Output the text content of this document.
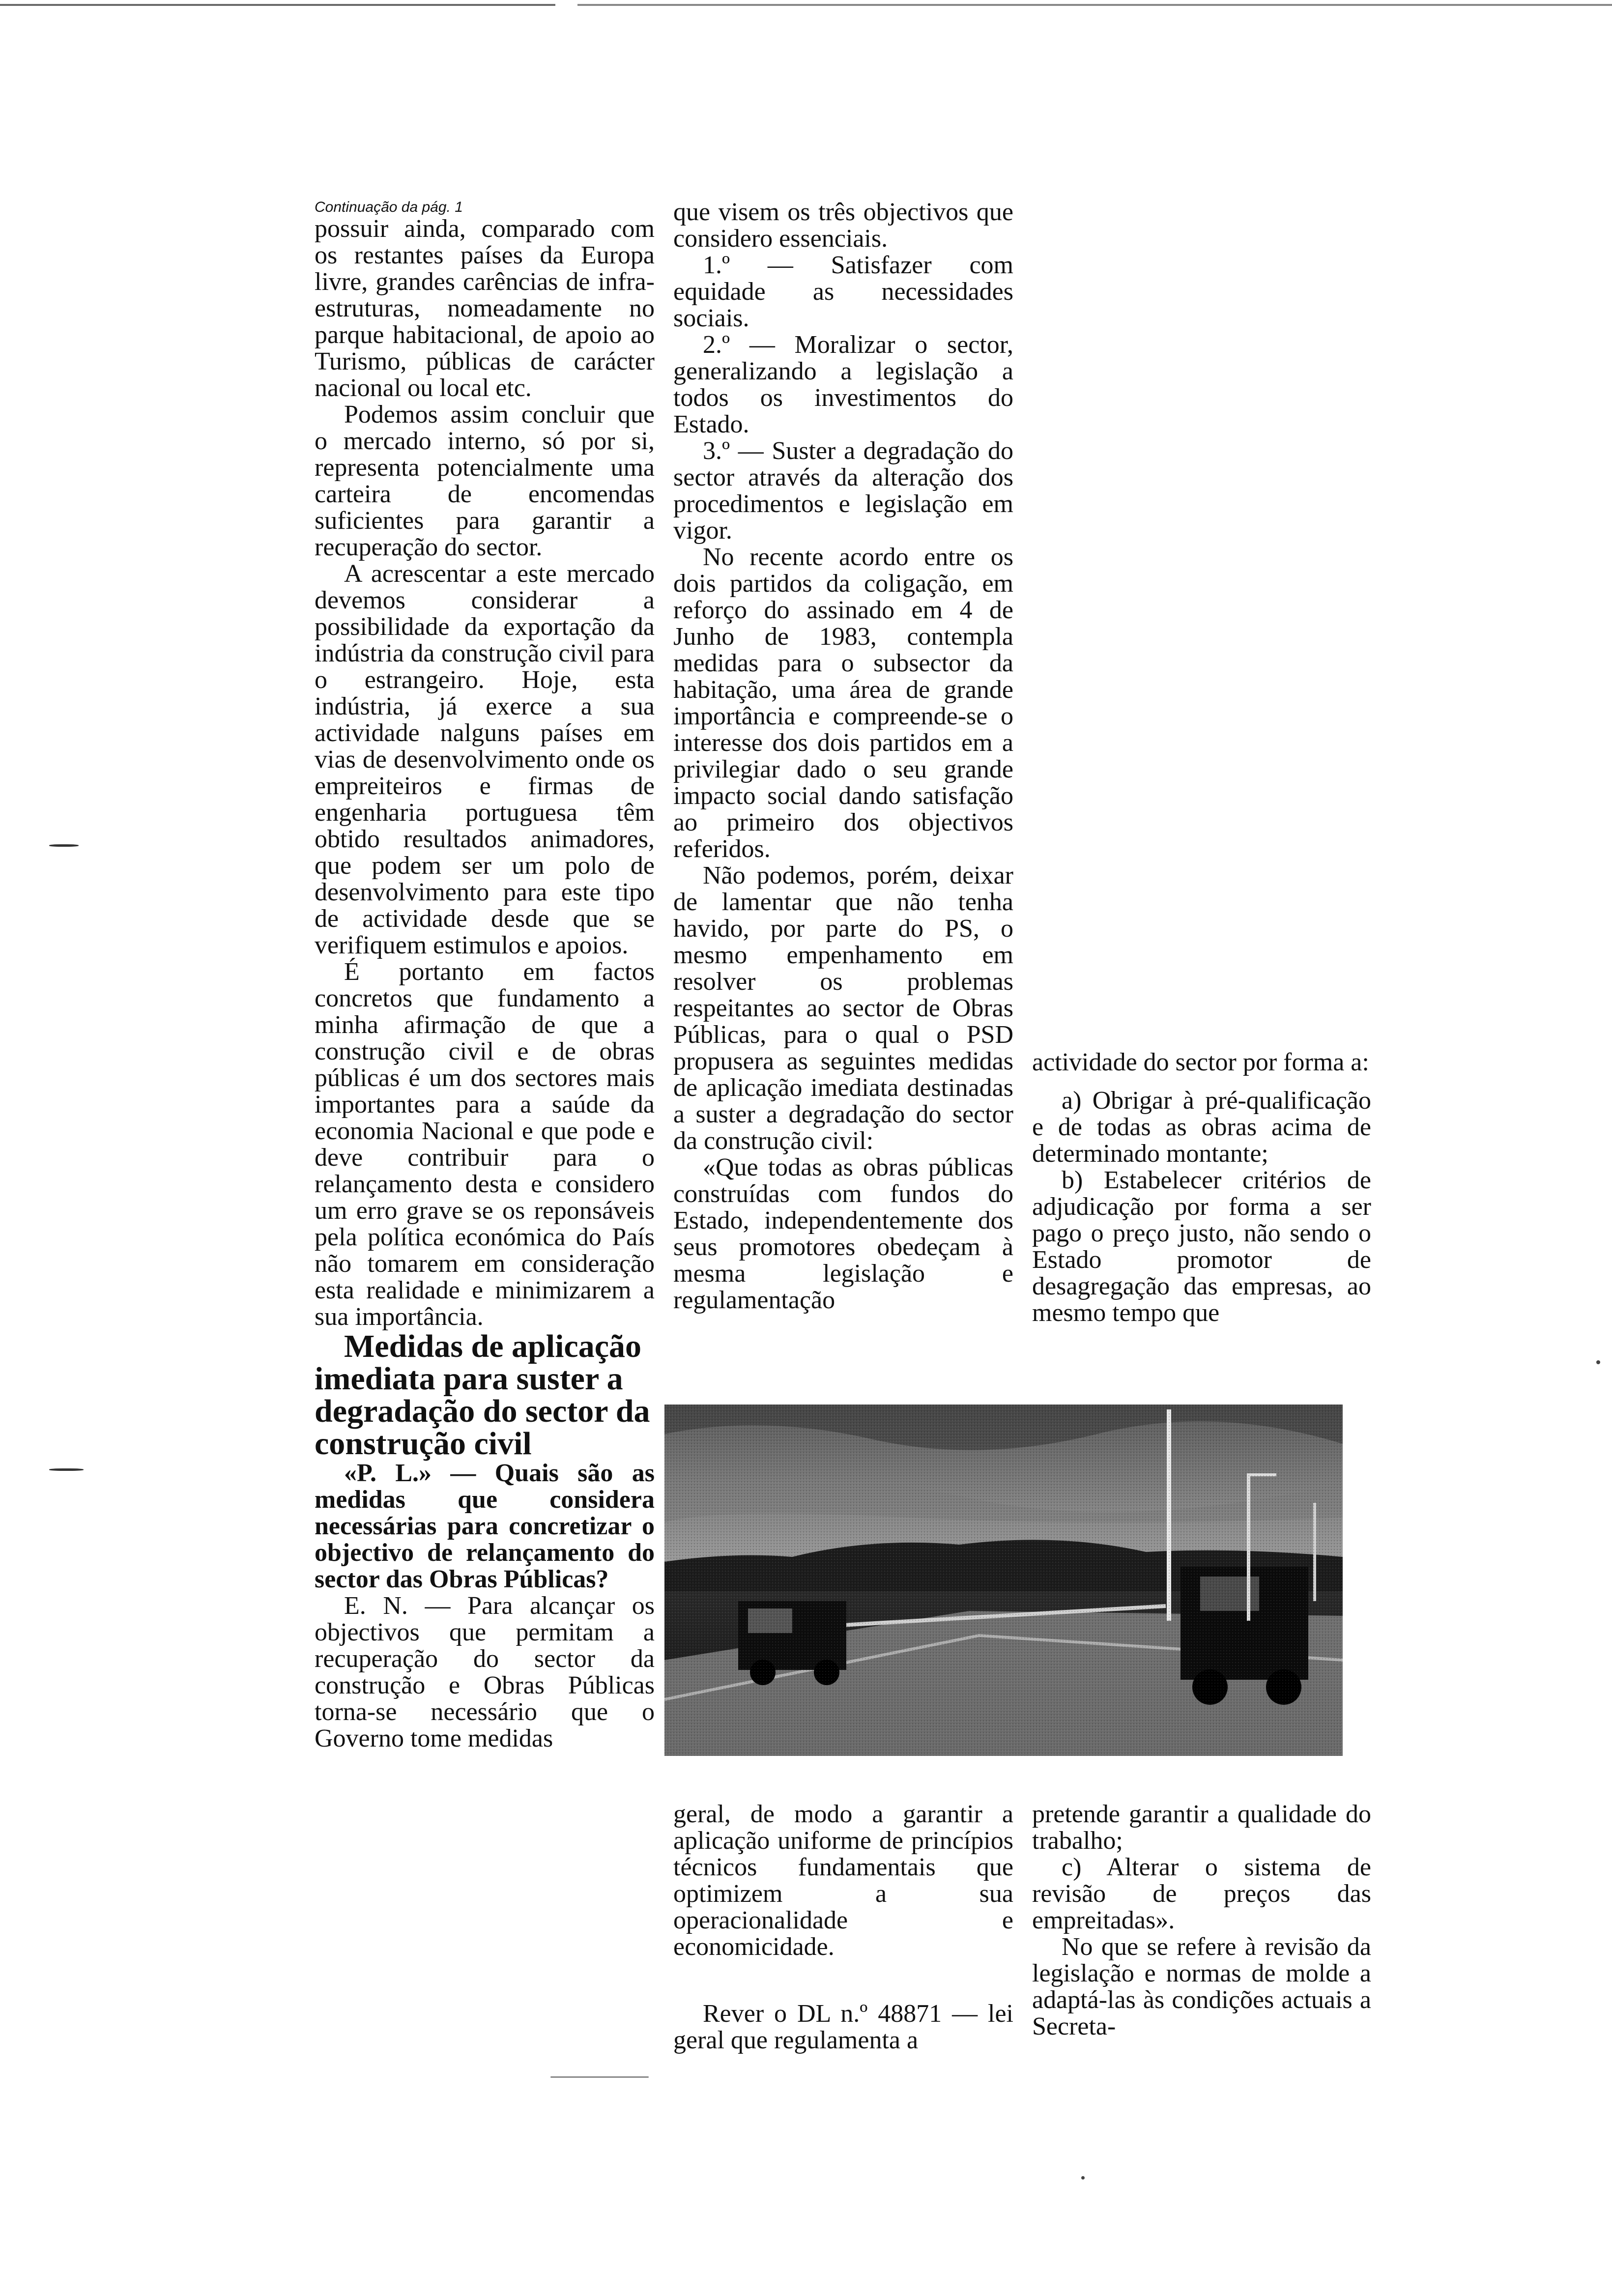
Continuação da pág. 1

possuir ainda, comparado com os restantes países da Europa livre, grandes carências de infra-estruturas, nomeadamente no parque habitacional, de apoio ao Turismo, públicas de carácter nacional ou local etc.

Podemos assim concluir que o mercado interno, só por si, representa potencialmente uma carteira de encomendas suficientes para garantir a recuperação do sector.

A acrescentar a este mercado devemos considerar a possibilidade da exportação da indústria da construção civil para o estrangeiro. Hoje, esta indústria, já exerce a sua actividade nalguns países em vias de desenvolvimento onde os empreiteiros e firmas de engenharia portuguesa têm obtido resultados animadores, que podem ser um polo de desenvolvimento para este tipo de actividade desde que se verifiquem estimulos e apoios.

É portanto em factos concretos que fundamento a minha afirmação de que a construção civil e de obras públicas é um dos sectores mais importantes para a saúde da economia Nacional e que pode e deve contribuir para o relançamento desta e considero um erro grave se os reponsáveis pela política económica do País não tomarem em consideração esta realidade e minimizarem a sua importância.

Medidas de aplicação imediata para suster a degradação do sector da construção civil

«P. L.» — Quais são as medidas que considera necessárias para concretizar o objectivo de relançamento do sector das Obras Públicas?

E. N. — Para alcançar os objectivos que permitam a recuperação do sector da construção e Obras Públicas torna-se necessário que o Governo tome medidas

que visem os três objectivos que considero essenciais.

1.º — Satisfazer com equidade as necessidades sociais.

2.º — Moralizar o sector, generalizando a legislação a todos os investimentos do Estado.

3.º — Suster a degradação do sector através da alteração dos procedimentos e legislação em vigor.

No recente acordo entre os dois partidos da coligação, em reforço do assinado em 4 de Junho de 1983, contempla medidas para o subsector da habitação, uma área de grande importância e compreende-se o interesse dos dois partidos em a privilegiar dado o seu grande impacto social dando satisfação ao primeiro dos objectivos referidos.

Não podemos, porém, deixar de lamentar que não tenha havido, por parte do PS, o mesmo empenhamento em resolver os problemas respeitantes ao sector de Obras Públicas, para o qual o PSD propusera as seguintes medidas de aplicação imediata destinadas a suster a degradação do sector da construção civil:

«Que todas as obras públicas construídas com fundos do Estado, independentemente dos seus promotores obedeçam à mesma legislação e regulamentação

actividade do sector por forma a:

a) Obrigar à pré-qualificação e de todas as obras acima de determinado montante;

b) Estabelecer critérios de adjudicação por forma a ser pago o preço justo, não sendo o Estado promotor de desagregação das empresas, ao mesmo tempo que

geral, de modo a garantir a aplicação uniforme de princípios técnicos fundamentais que optimizem a sua operacionalidade e economicidade.

Rever o DL n.º 48871 — lei geral que regulamenta a

pretende garantir a qualidade do trabalho;

c) Alterar o sistema de revisão de preços das empreitadas».

No que se refere à revisão da legislação e normas de molde a adaptá-las às condições actuais a Secreta-
